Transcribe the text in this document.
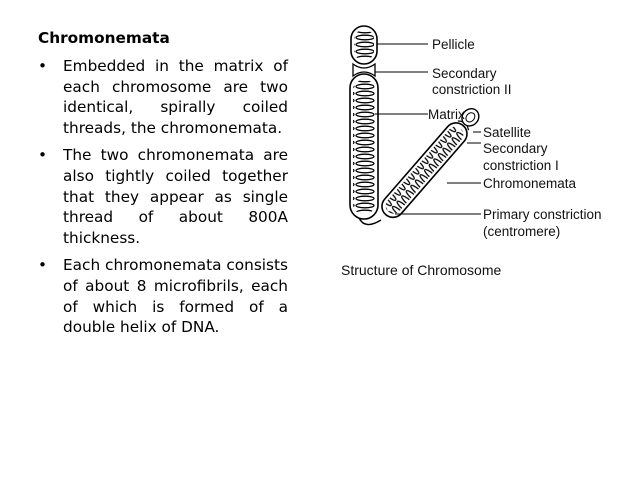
Chromonemata
• Embedded in the matrix of each chromosome are two identical, spirally coiled threads, the chromonemata.
• The two chromonemata are also tightly coiled together that they appear as single thread of about 800A thickness.
• Each chromonemata consists of about 8 microfibrils, each of which is formed of a double helix of DNA.
Pellicle
Secondary
constriction II
Matrix
Satellite
Secondary
constriction I
Chromonemata
Primary constriction
(centromere)
Structure of Chromosome
